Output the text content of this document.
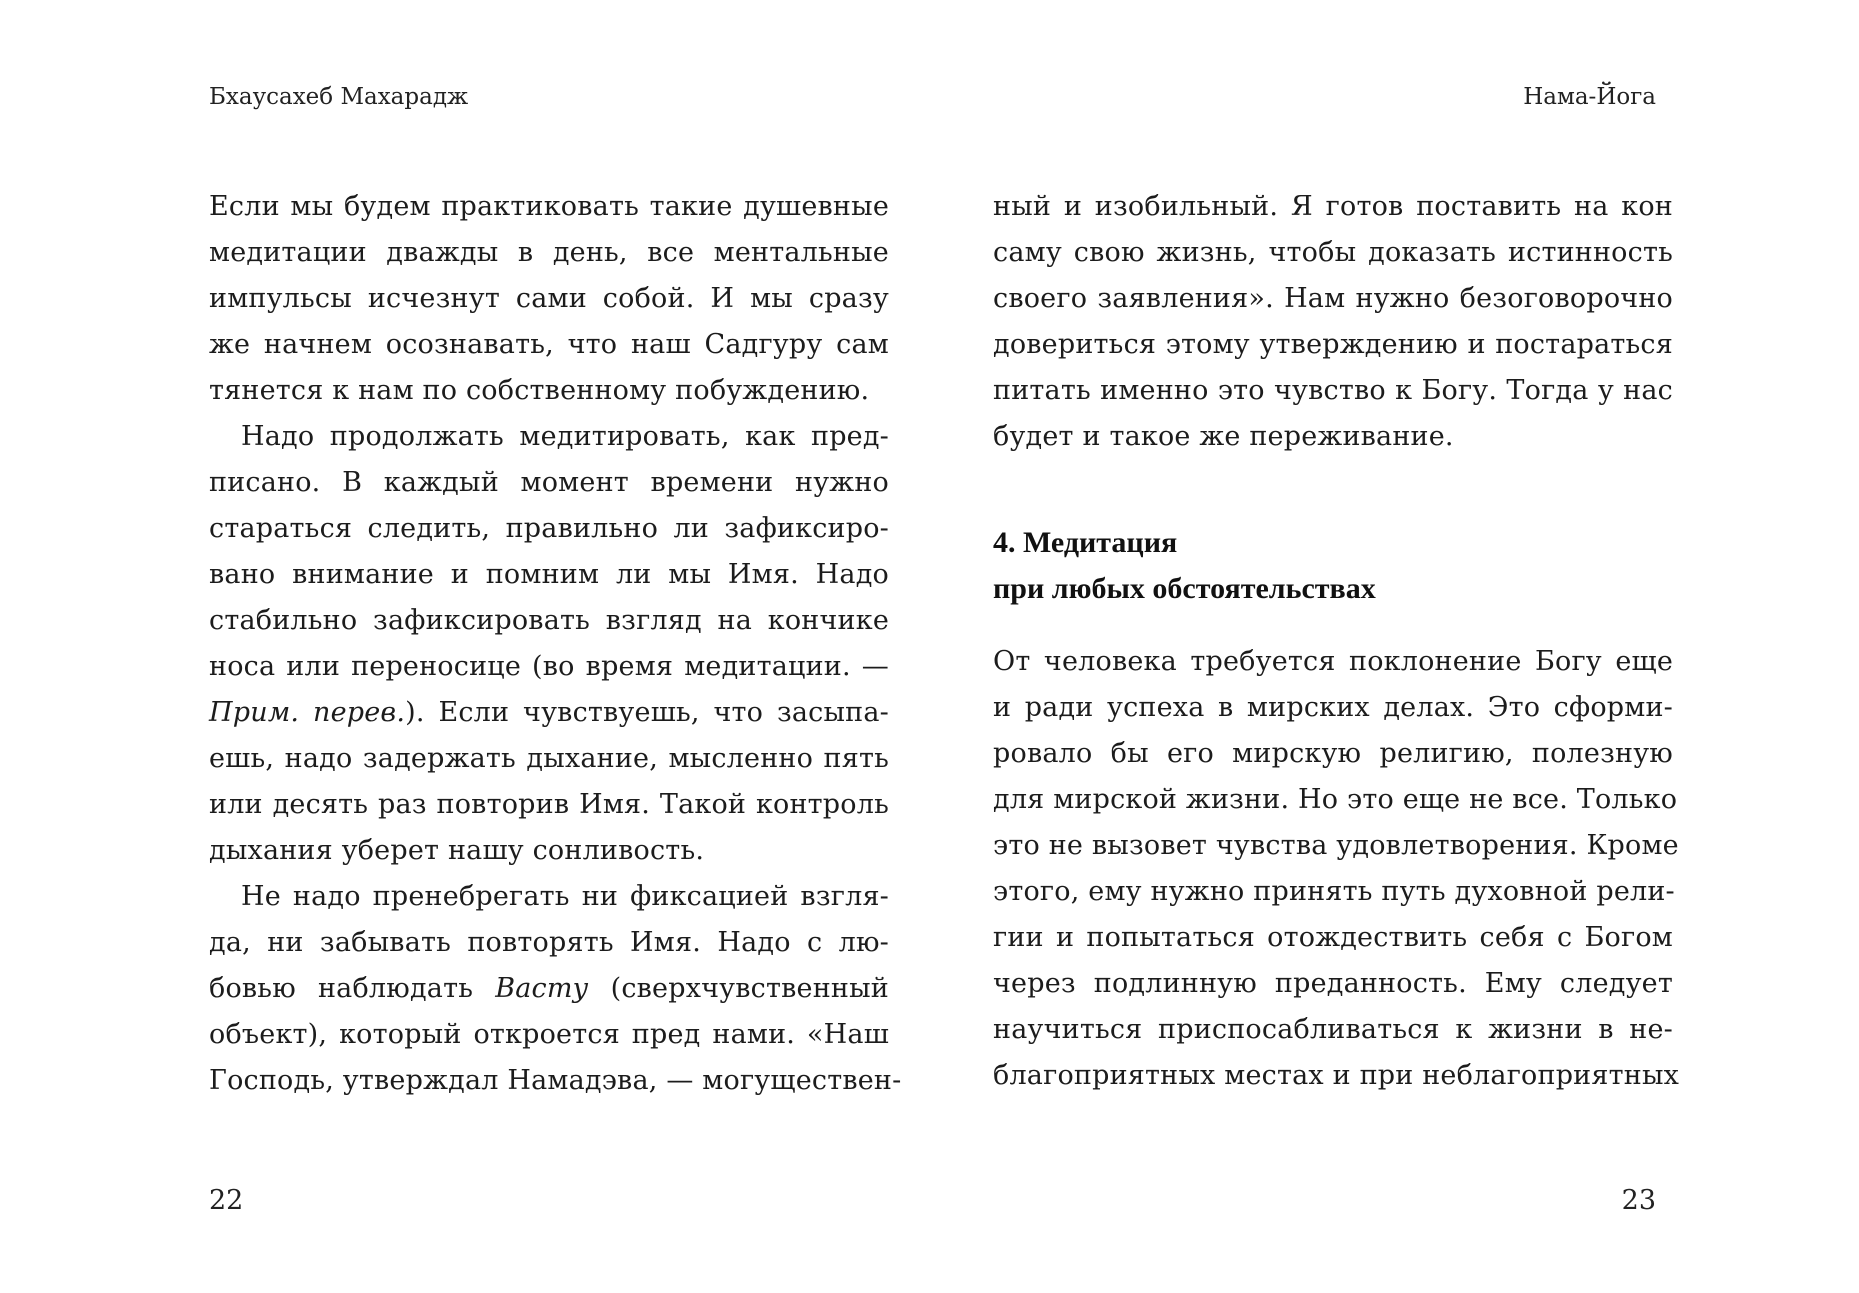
Бхаусахеб Махарадж	Нама-Йога
Если мы будем практиковать такие душевные
медитации дважды в день, все ментальные
импульсы исчезнут сами собой. И мы сразу
же начнем осознавать, что наш Садгуру сам
тянется к нам по собственному побуждению.
Надо продолжать медитировать, как пред-
писано. В каждый момент времени нужно
стараться следить, правильно ли зафиксиро-
вано внимание и помним ли мы Имя. Надо
стабильно зафиксировать взгляд на кончике
носа или переносице (во время медитации. —
Прим. перев.). Если чувствуешь, что засыпа-
ешь, надо задержать дыхание, мысленно пять
или десять раз повторив Имя. Такой контроль
дыхания уберет нашу сонливость.
Не надо пренебрегать ни фиксацией взгля-
да, ни забывать повторять Имя. Надо с лю-
бовью наблюдать Васту (сверхчувственный
объект), который откроется пред нами. «Наш
Господь, утверждал Намадэва, — могуществен-
ный и изобильный. Я готов поставить на кон
саму свою жизнь, чтобы доказать истинность
своего заявления». Нам нужно безоговорочно
довериться этому утверждению и постараться
питать именно это чувство к Богу. Тогда у нас
будет и такое же переживание.
4. Медитация
при любых обстоятельствах
От человека требуется поклонение Богу еще
и ради успеха в мирских делах. Это сформи-
ровало бы его мирскую религию, полезную
для мирской жизни. Но это еще не все. Только
это не вызовет чувства удовлетворения. Кроме
этого, ему нужно принять путь духовной рели-
гии и попытаться отождествить себя с Богом
через подлинную преданность. Ему следует
научиться приспосабливаться к жизни в не-
благоприятных местах и при неблагоприятных
22	23
